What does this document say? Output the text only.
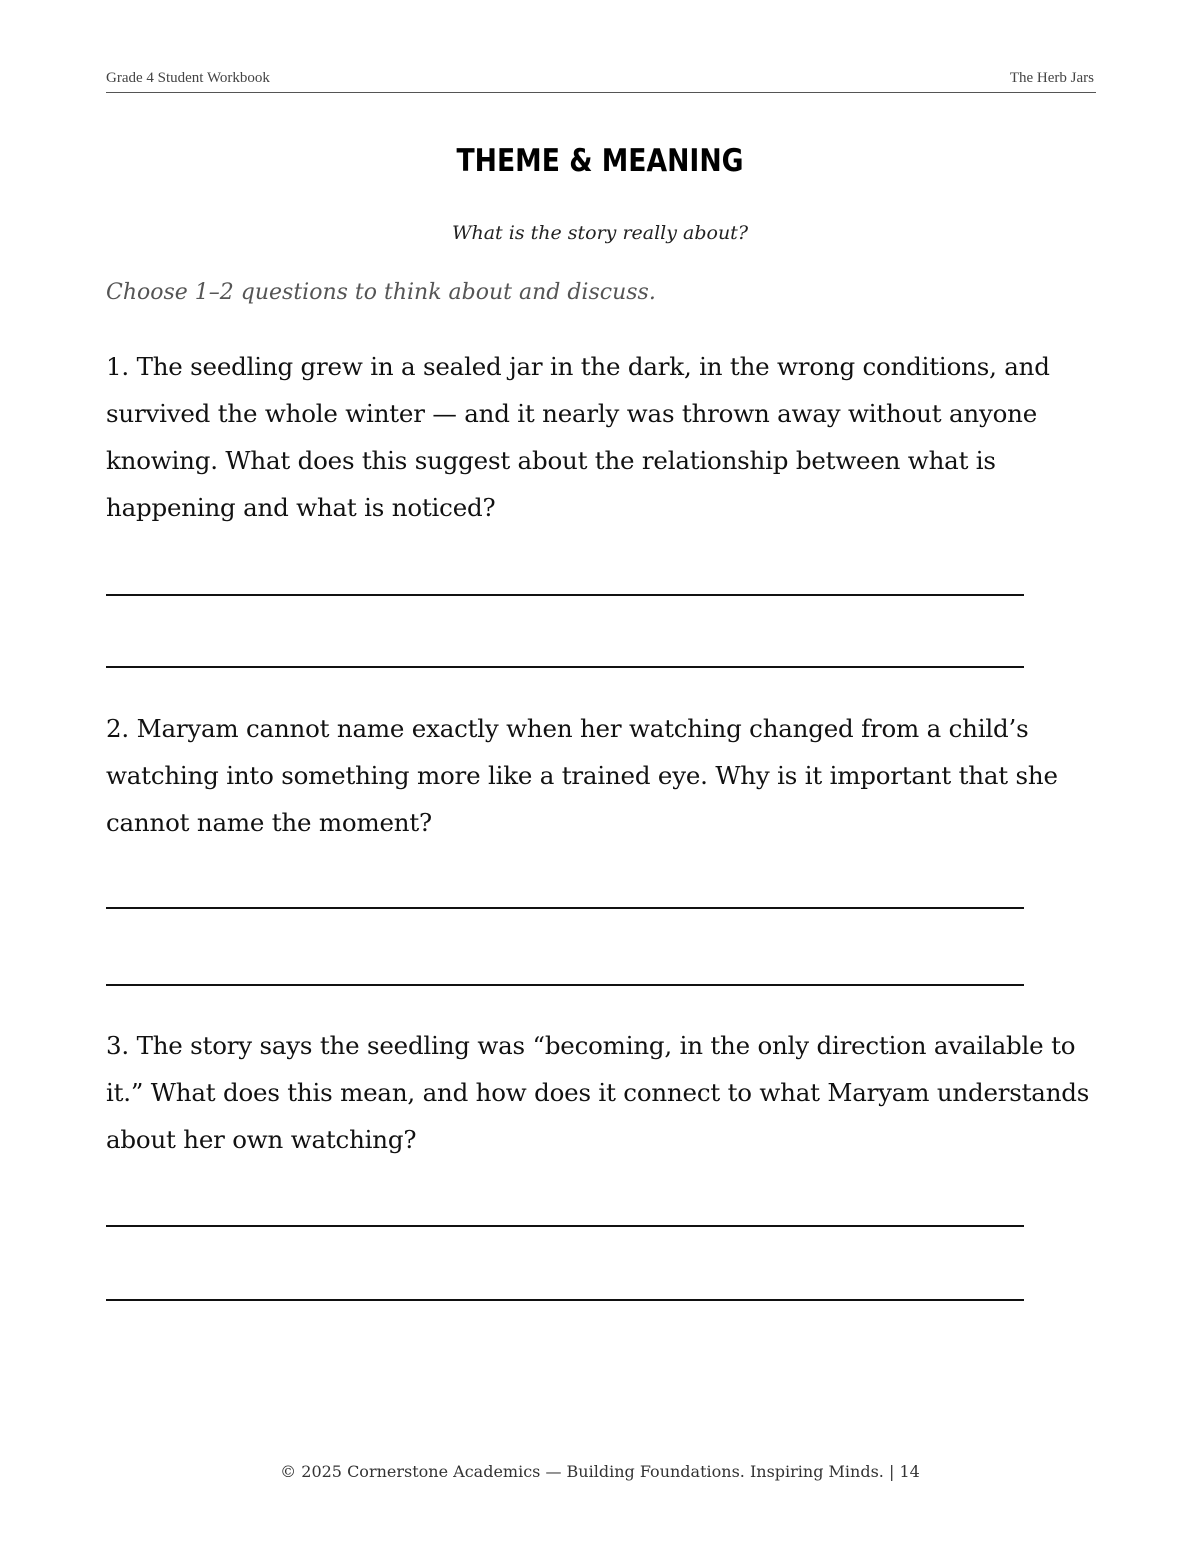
Grade 4 Student Workbook	The Herb Jars
THEME & MEANING
What is the story really about?
Choose 1–2 questions to think about and discuss.
1. The seedling grew in a sealed jar in the dark, in the wrong conditions, and survived the whole winter — and it nearly was thrown away without anyone knowing. What does this suggest about the relationship between what is happening and what is noticed?
2. Maryam cannot name exactly when her watching changed from a child’s watching into something more like a trained eye. Why is it important that she cannot name the moment?
3. The story says the seedling was “becoming, in the only direction available to it.” What does this mean, and how does it connect to what Maryam understands about her own watching?
© 2025 Cornerstone Academics — Building Foundations. Inspiring Minds. | 14
